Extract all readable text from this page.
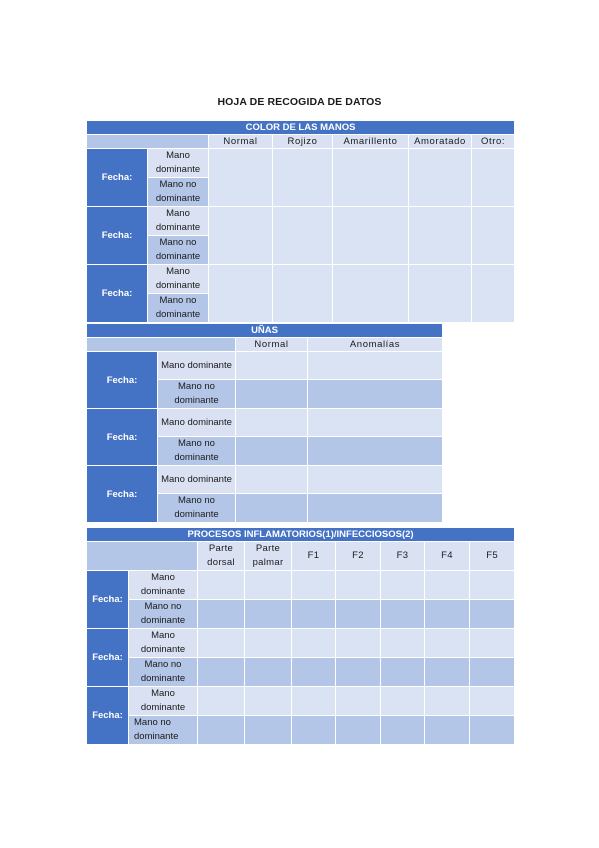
HOJA DE RECOGIDA DE DATOS
COLOR DE LAS MANOS						
		Normal	Rojizo	Amarillento	Amoratado	Otro:
Fecha:	Mano dominante					
	Mano no dominante					
Fecha:	Mano dominante					
	Mano no dominante					
Fecha:	Mano dominante					
	Mano no dominante					
UÑAS			
		Normal	Anomalías
Fecha:	Mano dominante		
	Mano no dominante		
Fecha:	Mano dominante		
	Mano no dominante		
Fecha:	Mano dominante		
	Mano no dominante		
PROCESOS INFLAMATORIOS(1)/INFECCIOSOS(2)								
		Parte dorsal	Parte palmar	F1	F2	F3	F4	F5
Fecha:	Mano dominante							
	Mano no dominante							
Fecha:	Mano dominante							
	Mano no dominante							
Fecha:	Mano dominante							
	Mano no dominante							
